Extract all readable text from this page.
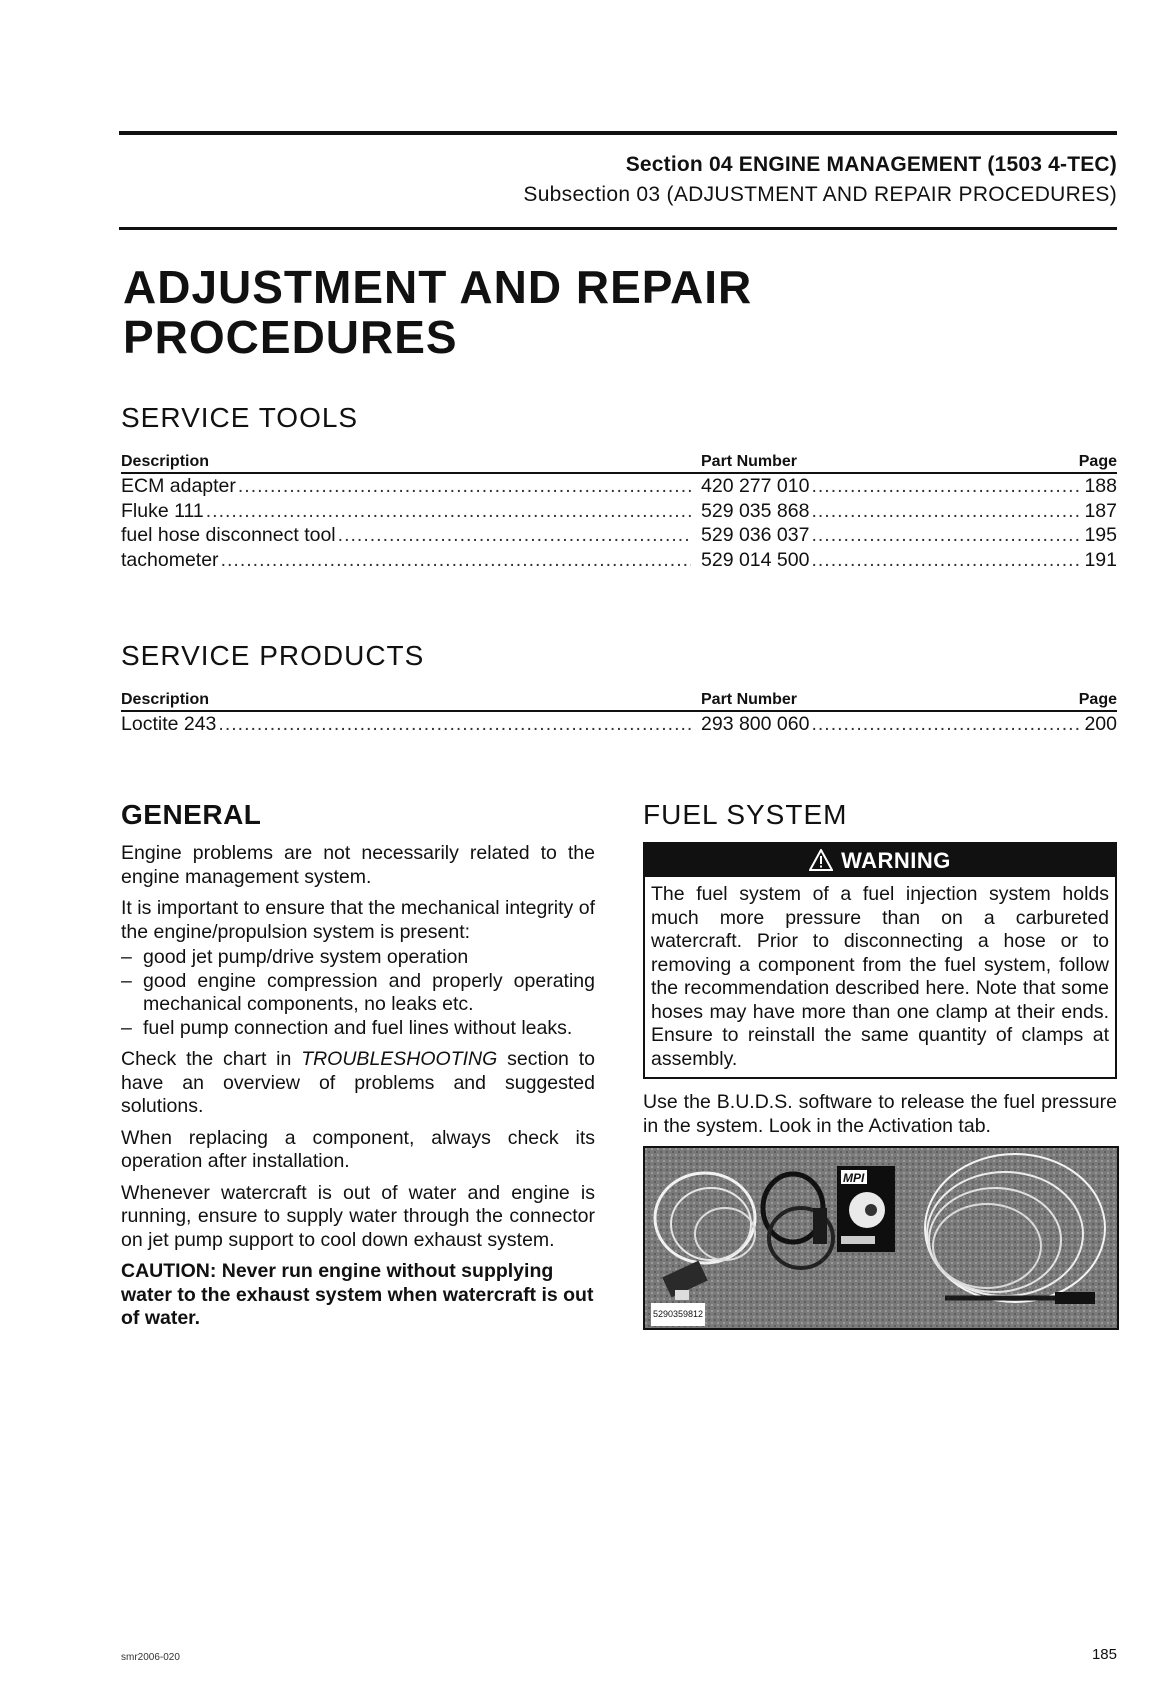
Section 04 ENGINE MANAGEMENT (1503 4-TEC)
Subsection 03 (ADJUSTMENT AND REPAIR PROCEDURES)
ADJUSTMENT AND REPAIR
PROCEDURES
SERVICE TOOLS
Description	Part Number	Page
ECM adapter .....	420 277 010 .....	188
Fluke 111 .....	529 035 868 .....	187
fuel hose disconnect tool .....	529 036 037 .....	195
tachometer .....	529 014 500 .....	191
SERVICE PRODUCTS
Description	Part Number	Page
Loctite 243 .....	293 800 060 .....	200
GENERAL

Engine problems are not necessarily related to the engine management system.

It is important to ensure that the mechanical integrity of the engine/propulsion system is present:

– good jet pump/drive system operation
– good engine compression and properly operating mechanical components, no leaks etc.
– fuel pump connection and fuel lines without leaks.

Check the chart in TROUBLESHOOTING section to have an overview of problems and suggested solutions.

When replacing a component, always check its operation after installation.

Whenever watercraft is out of water and engine is running, ensure to supply water through the connector on jet pump support to cool down exhaust system.

CAUTION: Never run engine without supplying water to the exhaust system when watercraft is out of water.

FUEL SYSTEM
WARNING
The fuel system of a fuel injection system holds much more pressure than on a carbureted watercraft. Prior to disconnecting a hose or to removing a component from the fuel system, follow the recommendation described here. Note that some hoses may have more than one clamp at their ends. Ensure to reinstall the same quantity of clamps at assembly.

Use the B.U.D.S. software to release the fuel pressure in the system. Look in the Activation tab.

MPI
5290359812
smr2006-020	185
